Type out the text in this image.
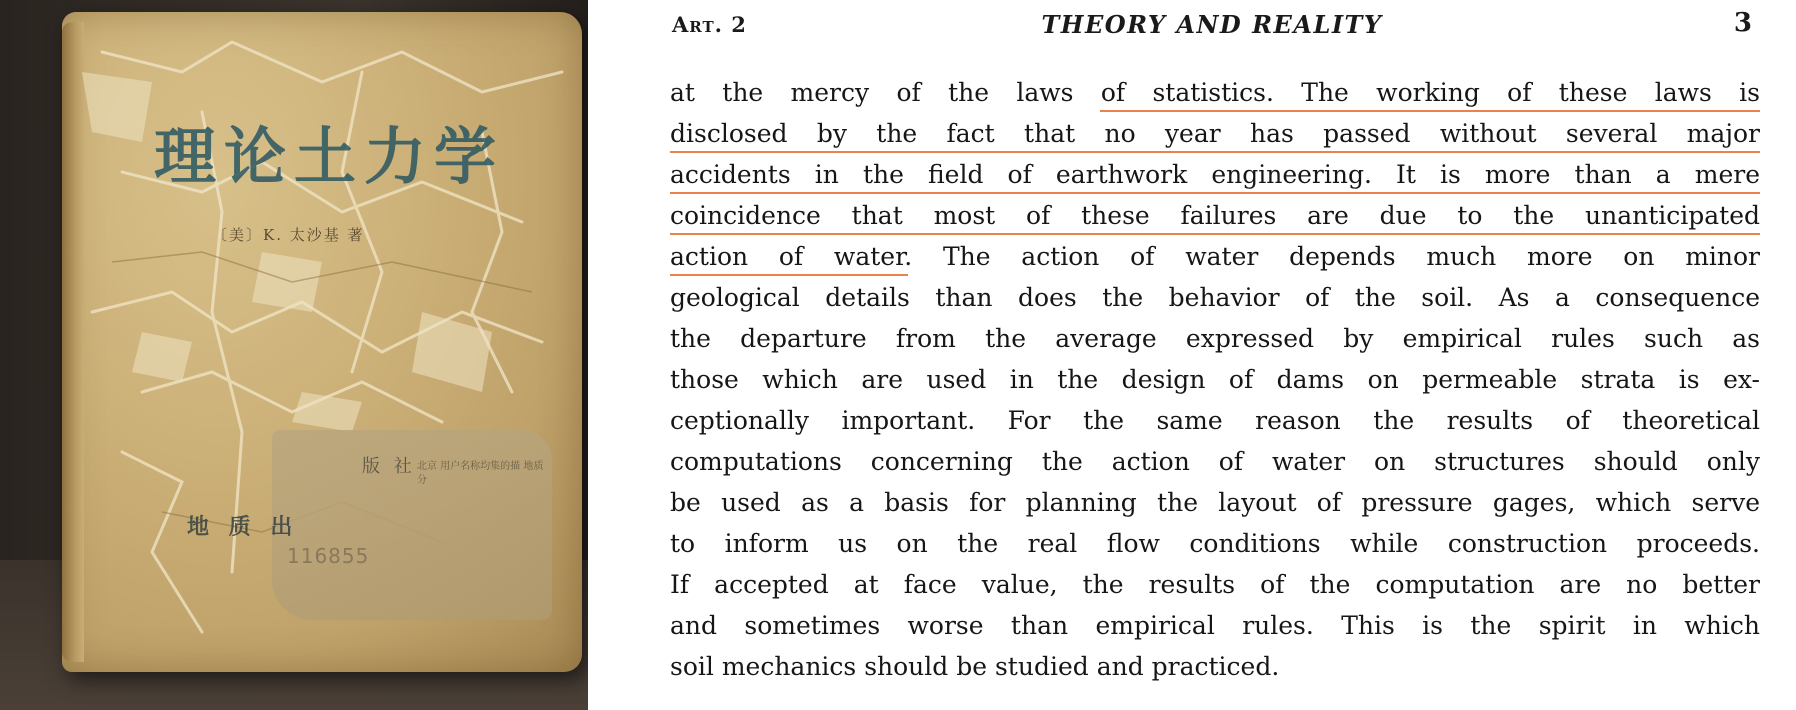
理论土力学
〔美〕K. 太沙基 著
版 社 北京 用户名称均集的描 地质分
地 质 出
116855
Art. 2	THEORY AND REALITY	3
at the mercy of the laws of statistics. The working of these laws is
disclosed by the fact that no year has passed without several major
accidents in the field of earthwork engineering. It is more than a mere
coincidence that most of these failures are due to the unanticipated
action of water. The action of water depends much more on minor
geological details than does the behavior of the soil. As a consequence
the departure from the average expressed by empirical rules such as
those which are used in the design of dams on permeable strata is ex-
ceptionally important. For the same reason the results of theoretical
computations concerning the action of water on structures should only
be used as a basis for planning the layout of pressure gages, which serve
to inform us on the real flow conditions while construction proceeds.
If accepted at face value, the results of the computation are no better
and sometimes worse than empirical rules. This is the spirit in which
soil mechanics should be studied and practiced.
